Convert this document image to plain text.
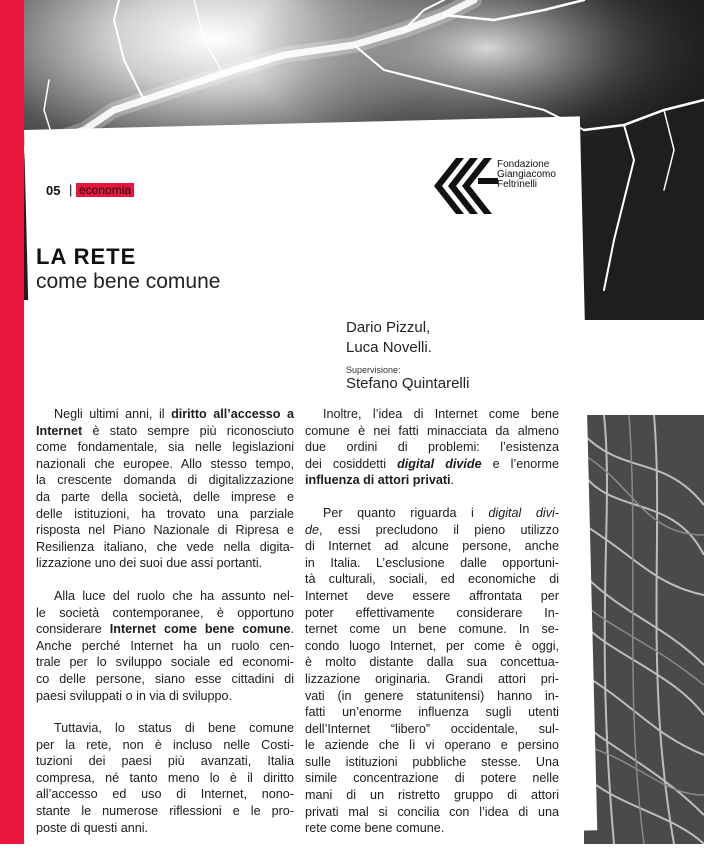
05 | economia
Fondazione
Giangiacomo
Feltrinelli
LA RETE
come bene comune
Dario Pizzul,
Luca Novelli.
Supervisione:
Stefano Quintarelli

Negli ultimi anni, il diritto all’accesso a
Internet è stato sempre più riconosciuto
come fondamentale, sia nelle legislazioni
nazionali che europee. Allo stesso tempo,
la crescente domanda di digitalizzazione
da parte della società, delle imprese e
delle istituzioni, ha trovato una parziale
risposta nel Piano Nazionale di Ripresa e
Resilienza italiano, che vede nella digita-
lizzazione uno dei suoi due assi portanti.

Alla luce del ruolo che ha assunto nel-
le società contemporanee, è opportuno
considerare Internet come bene comune.
Anche perché Internet ha un ruolo cen-
trale per lo sviluppo sociale ed economi-
co delle persone, siano esse cittadini di
paesi sviluppati o in via di sviluppo.

Tuttavia, lo status di bene comune
per la rete, non è incluso nelle Costi-
tuzioni dei paesi più avanzati, Italia
compresa, né tanto meno lo è il diritto
all’accesso ed uso di Internet, nono-
stante le numerose riflessioni e le pro-
poste di questi anni.

Inoltre, l’idea di Internet come bene
comune è nei fatti minacciata da almeno
due ordini di problemi: l’esistenza
dei cosiddetti digital divide e l’enorme
influenza di attori privati.

Per quanto riguarda i digital divi-
de, essi precludono il pieno utilizzo
di Internet ad alcune persone, anche
in Italia. L’esclusione dalle opportuni-
tà culturali, sociali, ed economiche di
Internet deve essere affrontata per
poter effettivamente considerare In-
ternet come un bene comune. In se-
condo luogo Internet, per come è oggi,
è molto distante dalla sua concettua-
lizzazione originaria. Grandi attori pri-
vati (in genere statunitensi) hanno in-
fatti un’enorme influenza sugli utenti
dell’Internet “libero” occidentale, sul-
le aziende che lì vi operano e persino
sulle istituzioni pubbliche stesse. Una
simile concentrazione di potere nelle
mani di un ristretto gruppo di attori
privati mal si concilia con l’idea di una
rete come bene comune.
